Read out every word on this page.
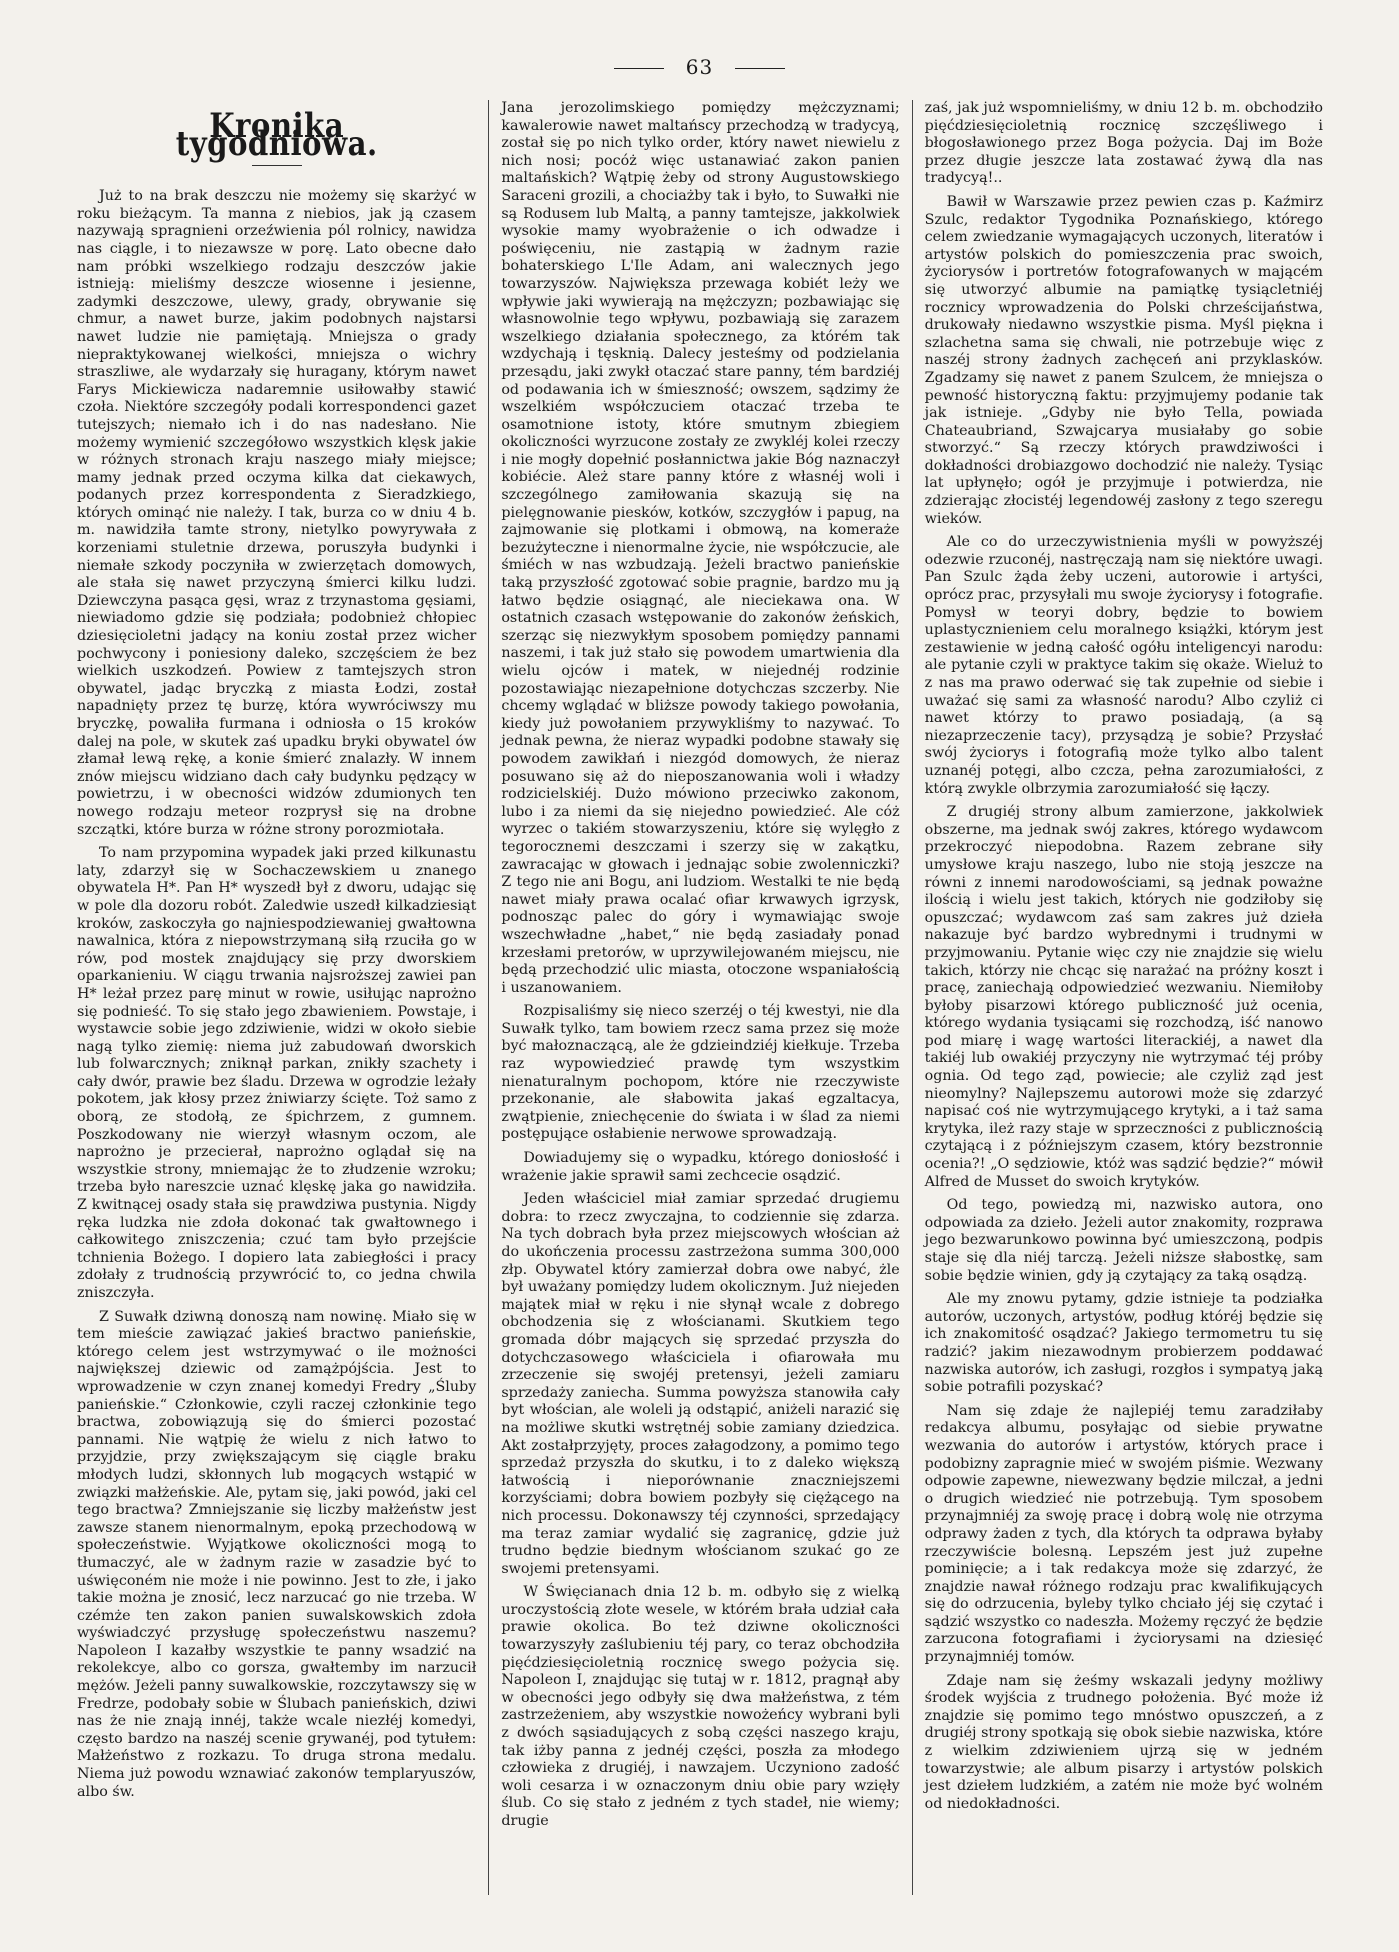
63
Kronika tygodniowa.

Już to na brak deszczu nie możemy się skarżyć w roku bieżącym. Ta manna z niebios, jak ją czasem nazywają spragnieni orzeźwienia pól rolnicy, nawidza nas ciągle, i to niezawsze w porę. Lato obecne dało nam próbki wszelkiego rodzaju deszczów jakie istnieją: mieliśmy deszcze wiosenne i jesienne, zadymki deszczowe, ulewy, grady, obrywanie się chmur, a nawet burze, jakim podobnych najstarsi nawet ludzie nie pamiętają. Mniejsza o grady niepraktykowanej wielkości, mniejsza o wichry straszliwe, ale wydarzały się huragany, którym nawet Farys Mickiewicza nadaremnie usiłowałby stawić czoła. Niektóre szczegóły podali korrespondenci gazet tutejszych; niemało ich i do nas nadesłano. Nie możemy wymienić szczegółowo wszystkich klęsk jakie w różnych stronach kraju naszego miały miejsce; mamy jednak przed oczyma kilka dat ciekawych, podanych przez korrespondenta z Sieradzkiego, których ominąć nie należy. I tak, burza co w dniu 4 b. m. nawidziła tamte strony, nietylko powyrywała z korzeniami stuletnie drzewa, poruszyła budynki i niemałe szkody poczyniła w zwierzętach domowych, ale stała się nawet przyczyną śmierci kilku ludzi. Dziewczyna pasąca gęsi, wraz z trzynastoma gęsiami, niewiadomo gdzie się podziała; podobnież chłopiec dziesięcioletni jadący na koniu został przez wicher pochwycony i poniesiony daleko, szczęściem że bez wielkich uszkodzeń. Powiew z tamtejszych stron obywatel, jadąc bryczką z miasta Łodzi, został napadnięty przez tę burzę, która wywróciwszy mu bryczkę, powaliła furmana i odniosła o 15 kroków dalej na pole, w skutek zaś upadku bryki obywatel ów złamał lewą rękę, a konie śmierć znalazły. W innem znów miejscu widziano dach cały budynku pędzący w powietrzu, i w obecności widzów zdumionych ten nowego rodzaju meteor rozprysł się na drobne szczątki, które burza w różne strony porozmiotała.

To nam przypomina wypadek jaki przed kilkunastu laty, zdarzył się w Sochaczewskiem u znanego obywatela H*. Pan H* wyszedł był z dworu, udając się w pole dla dozoru robót. Zaledwie uszedł kilkadziesiąt kroków, zaskoczyła go najniespodziewaniej gwałtowna nawalnica, która z niepowstrzymaną siłą rzuciła go w rów, pod mostek znajdujący się przy dworskiem oparkanieniu. W ciągu trwania najsroższej zawiei pan H* leżał przez parę minut w rowie, usiłując naprożno się podnieść. To się stało jego zbawieniem. Powstaje, i wystawcie sobie jego zdziwienie, widzi w około siebie nagą tylko ziemię: niema już zabudowań dworskich lub folwarcznych; zniknął parkan, znikły szachety i cały dwór, prawie bez śladu. Drzewa w ogrodzie leżały pokotem, jak kłosy przez żniwiarzy ścięte. Toż samo z oborą, ze stodołą, ze śpichrzem, z gumnem. Poszkodowany nie wierzył własnym oczom, ale naprożno je przecierał, naprożno oglądał się na wszystkie strony, mniemając że to złudzenie wzroku; trzeba było nareszcie uznać klęskę jaka go nawidziła. Z kwitnącej osady stała się prawdziwa pustynia. Nigdy ręka ludzka nie zdoła dokonać tak gwałtownego i całkowitego zniszczenia; czuć tam było przejście tchnienia Bożego. I dopiero lata zabiegłości i pracy zdołały z trudnością przywrócić to, co jedna chwila zniszczyła.

Z Suwałk dziwną donoszą nam nowinę. Miało się w tem mieście zawiązać jakieś bractwo panieńskie, którego celem jest wstrzymywać o ile możności największej dziewic od zamążpójścia. Jest to wprowadzenie w czyn znanej komedyi Fredry „Śluby panieńskie.“ Członkowie, czyli raczej członkinie tego bractwa, zobowiązują się do śmierci pozostać pannami. Nie wątpię że wielu z nich łatwo to przyjdzie, przy zwiększającym się ciągle braku młodych ludzi, skłonnych lub mogących wstąpić w związki małżeńskie. Ale, pytam się, jaki powód, jaki cel tego bractwa? Zmniejszanie się liczby małżeństw jest zawsze stanem nienormalnym, epoką przechodową w społeczeństwie. Wyjątkowe okoliczności mogą to tłumaczyć, ale w żadnym razie w zasadzie być to uświęconém nie może i nie powinno. Jest to złe, i jako takie można je znosić, lecz narzucać go nie trzeba. W czémże ten zakon panien suwalskowskich zdoła wyświadczyć przysługę społeczeństwu naszemu? Napoleon I kazałby wszystkie te panny wsadzić na rekolekcye, albo co gorsza, gwałtemby im narzucił mężów. Jeżeli panny suwalkowskie, rozczytawszy się w Fredrze, podobały sobie w Ślubach panieńskich, dziwi nas że nie znają innéj, także wcale niezłéj komedyi, często bardzo na naszéj scenie grywanéj, pod tytułem: Małżeństwo z rozkazu. To druga strona medalu. Niema już powodu wznawiać zakonów templaryuszów, albo św.

Jana jerozolimskiego pomiędzy mężczyznami; kawalerowie nawet maltańscy przechodzą w tradycyą, został się po nich tylko order, który nawet niewielu z nich nosi; pocóż więc ustanawiać zakon panien maltańskich? Wątpię żeby od strony Augustowskiego Saraceni grozili, a chociażby tak i było, to Suwałki nie są Rodusem lub Maltą, a panny tamtejsze, jakkolwiek wysokie mamy wyobrażenie o ich odwadze i poświęceniu, nie zastąpią w żadnym razie bohaterskiego L'Ile Adam, ani walecznych jego towarzyszów. Największa przewaga kobiét leży we wpływie jaki wywierają na mężczyzn; pozbawiając się własnowolnie tego wpływu, pozbawiają się zarazem wszelkiego działania społecznego, za którém tak wzdychają i tęsknią. Dalecy jesteśmy od podzielania przesądu, jaki zwykł otaczać stare panny, tém bardziéj od podawania ich w śmieszność; owszem, sądzimy że wszelkiém współczuciem otaczać trzeba te osamotnione istoty, które smutnym zbiegiem okoliczności wyrzucone zostały ze zwykléj kolei rzeczy i nie mogły dopełnić posłannictwa jakie Bóg naznaczył kobiécie. Ależ stare panny które z własnéj woli i szczególnego zamiłowania skazują się na pielęgnowanie piesków, kotków, szczygłów i papug, na zajmowanie się plotkami i obmową, na komeraże bezużyteczne i nienormalne życie, nie współczucie, ale śmiéch w nas wzbudzają. Jeżeli bractwo panieńskie taką przyszłość zgotować sobie pragnie, bardzo mu ją łatwo będzie osiągnąć, ale nieciekawa ona. W ostatnich czasach wstępowanie do zakonów żeńskich, szerząc się niezwykłym sposobem pomiędzy pannami naszemi, i tak już stało się powodem umartwienia dla wielu ojców i matek, w niejednéj rodzinie pozostawiając niezapełnione dotychczas szczerby. Nie chcemy wglądać w bliższe powody takiego powołania, kiedy już powołaniem przywykliśmy to nazywać. To jednak pewna, że nieraz wypadki podobne stawały się powodem zawikłań i niezgód domowych, że nieraz posuwano się aż do nieposzanowania woli i władzy rodzicielskiéj. Dużo mówiono przeciwko zakonom, lubo i za niemi da się niejedno powiedzieć. Ale cóż wyrzec o takiém stowarzyszeniu, które się wylęgło z tegorocznemi deszczami i szerzy się w zakątku, zawracając w głowach i jednając sobie zwolenniczki? Z tego nie ani Bogu, ani ludziom. Westalki te nie będą nawet miały prawa ocalać ofiar krwawych igrzysk, podnosząc palec do góry i wymawiając swoje wszechwładne „habet,“ nie będą zasiadały ponad krzesłami pretorów, w uprzywilejowaném miejscu, nie będą przechodzić ulic miasta, otoczone wspaniałością i uszanowaniem.

Rozpisaliśmy się nieco szerzéj o téj kwestyi, nie dla Suwałk tylko, tam bowiem rzecz sama przez się może być małoznaczącą, ale że gdzieindziéj kiełkuje. Trzeba raz wypowiedzieć prawdę tym wszystkim nienaturalnym pochopom, które nie rzeczywiste przekonanie, ale słabowita jakaś egzaltacya, zwątpienie, zniechęcenie do świata i w ślad za niemi postępujące osłabienie nerwowe sprowadzają.

Dowiadujemy się o wypadku, którego doniosłość i wrażenie jakie sprawił sami zechcecie osądzić.

Jeden właściciel miał zamiar sprzedać drugiemu dobra: to rzecz zwyczajna, to codziennie się zdarza. Na tych dobrach była przez miejscowych włościan aż do ukończenia processu zastrzeżona summa 300,000 złp. Obywatel który zamierzał dobra owe nabyć, żle był uważany pomiędzy ludem okolicznym. Już niejeden majątek miał w ręku i nie słynął wcale z dobrego obchodzenia się z włościanami. Skutkiem tego gromada dóbr mających się sprzedać przyszła do dotychczasowego właściciela i ofiarowała mu zrzeczenie się swojéj pretensyi, jeżeli zamiaru sprzedaży zaniecha. Summa powyższa stanowiła cały byt włościan, ale woleli ją odstąpić, aniżeli narazić się na możliwe skutki wstrętnéj sobie zamiany dziedzica. Akt zostałprzyjęty, proces załagodzony, a pomimo tego sprzedaż przyszła do skutku, i to z daleko większą łatwością i nieporównanie znaczniejszemi korzyściami; dobra bowiem pozbyły się ciężącego na nich processu. Dokonawszy téj czynności, sprzedający ma teraz zamiar wydalić się zagranicę, gdzie już trudno będzie biednym włościanom szukać go ze swojemi pretensyami.

W Święcianach dnia 12 b. m. odbyło się z wielką uroczystością złote wesele, w którém brała udział cała prawie okolica. Bo też dziwne okoliczności towarzyszyły zaślubieniu téj pary, co teraz obchodziła pięćdziesięcioletnią rocznicę swego pożycia się. Napoleon I, znajdując się tutaj w r. 1812, pragnął aby w obecności jego odbyły się dwa małżeństwa, z tém zastrzeżeniem, aby wszystkie nowożeńcy wybrani byli z dwóch sąsiadujących z sobą części naszego kraju, tak iżby panna z jednéj części, poszła za młodego człowieka z drugiéj, i nawzajem. Uczyniono zadość woli cesarza i w oznaczonym dniu obie pary wzięły ślub. Co się stało z jedném z tych stadeł, nie wiemy; drugie

zaś, jak już wspomnieliśmy, w dniu 12 b. m. obchodziło pięćdziesięcioletnią rocznicę szczęśliwego i błogosławionego przez Boga pożycia. Daj im Boże przez długie jeszcze lata zostawać żywą dla nas tradycyą!..

Bawił w Warszawie przez pewien czas p. Kaźmirz Szulc, redaktor Tygodnika Poznańskiego, którego celem zwiedzanie wymagających uczonych, literatów i artystów polskich do pomieszczenia prac swoich, życiorysów i portretów fotografowanych w mającém się utworzyć albumie na pamiątkę tysiącletniéj rocznicy wprowadzenia do Polski chrześcijaństwa, drukowały niedawno wszystkie pisma. Myśl piękna i szlachetna sama się chwali, nie potrzebuje więc z naszéj strony żadnych zachęceń ani przyklasków. Zgadzamy się nawet z panem Szulcem, że mniejsza o pewność historyczną faktu: przyjmujemy podanie tak jak istnieje. „Gdyby nie było Tella, powiada Chateaubriand, Szwajcarya musiałaby go sobie stworzyć.“ Są rzeczy których prawdziwości i dokładności drobiazgowo dochodzić nie należy. Tysiąc lat upłynęło; ogół je przyjmuje i potwierdza, nie zdzierając złocistéj legendowéj zasłony z tego szeregu wieków.

Ale co do urzeczywistnienia myśli w powyższéj odezwie rzuconéj, nastręczają nam się niektóre uwagi. Pan Szulc żąda żeby uczeni, autorowie i artyści, oprócz prac, przysyłali mu swoje życiorysy i fotografie. Pomysł w teoryi dobry, będzie to bowiem uplastycznieniem celu moralnego książki, którym jest zestawienie w jedną całość ogółu inteligencyi narodu: ale pytanie czyli w praktyce takim się okaże. Wieluż to z nas ma prawo oderwać się tak zupełnie od siebie i uważać się sami za własność narodu? Albo czyliż ci nawet którzy to prawo posiadają, (a są niezaprzeczenie tacy), przysądzą je sobie? Przysłać swój życiorys i fotografią może tylko albo talent uznanéj potęgi, albo czcza, pełna zarozumiałości, z którą zwykle olbrzymia zarozumiałość się łączy.

Z drugiéj strony album zamierzone, jakkolwiek obszerne, ma jednak swój zakres, którego wydawcom przekroczyć niepodobna. Razem zebrane siły umysłowe kraju naszego, lubo nie stoją jeszcze na równi z innemi narodowościami, są jednak poważne ilością i wielu jest takich, których nie godziłoby się opuszczać; wydawcom zaś sam zakres już dzieła nakazuje być bardzo wybrednymi i trudnymi w przyjmowaniu. Pytanie więc czy nie znajdzie się wielu takich, którzy nie chcąc się narażać na próżny koszt i pracę, zaniechają odpowiedzieć wezwaniu. Niemiłoby byłoby pisarzowi którego publiczność już ocenia, którego wydania tysiącami się rozchodzą, iść nanowo pod miarę i wagę wartości literackiéj, a nawet dla takiéj lub owakiéj przyczyny nie wytrzymać téj próby ognia. Od tego ząd, powiecie; ale czyliż ząd jest nieomylny? Najlepszemu autorowi może się zdarzyć napisać coś nie wytrzymującego krytyki, a i taż sama krytyka, ileż razy staje w sprzeczności z publicznością czytającą i z późniejszym czasem, który bezstronnie ocenia?! „O sędziowie, któż was sądzić będzie?“ mówił Alfred de Musset do swoich krytyków.

Od tego, powiedzą mi, nazwisko autora, ono odpowiada za dzieło. Jeżeli autor znakomity, rozprawa jego bezwarunkowo powinna być umieszczoną, podpis staje się dla niéj tarczą. Jeżeli niższe słabostkę, sam sobie będzie winien, gdy ją czytający za taką osądzą.

Ale my znowu pytamy, gdzie istnieje ta podziałka autorów, uczonych, artystów, podług któréj będzie się ich znakomitość osądzać? Jakiego termometru tu się radzić? jakim niezawodnym probierzem poddawać nazwiska autorów, ich zasługi, rozgłos i sympatyą jaką sobie potrafili pozyskać?

Nam się zdaje że najlepiéj temu zaradziłaby redakcya albumu, posyłając od siebie prywatne wezwania do autorów i artystów, których prace i podobizny zapragnie mieć w swojém piśmie. Wezwany odpowie zapewne, niewezwany będzie milczał, a jedni o drugich wiedzieć nie potrzebują. Tym sposobem przynajmniéj za swoję pracę i dobrą wolę nie otrzyma odprawy żaden z tych, dla których ta odprawa byłaby rzeczywiście bolesną. Lepszém jest już zupełne pominięcie; a i tak redakcya może się zdarzyć, że znajdzie nawał różnego rodzaju prac kwalifikujących się do odrzucenia, byleby tylko chciało jéj się czytać i sądzić wszystko co nadeszła. Możemy ręczyć że będzie zarzucona fotografiami i życiorysami na dziesięć przynajmniéj tomów.

Zdaje nam się żeśmy wskazali jedyny możliwy środek wyjścia z trudnego położenia. Być może iż znajdzie się pomimo tego mnóstwo opuszczeń, a z drugiéj strony spotkają się obok siebie nazwiska, które z wielkim zdziwieniem ujrzą się w jedném towarzystwie; ale album pisarzy i artystów polskich jest dziełem ludzkiém, a zatém nie może być wolném od niedokładności.
